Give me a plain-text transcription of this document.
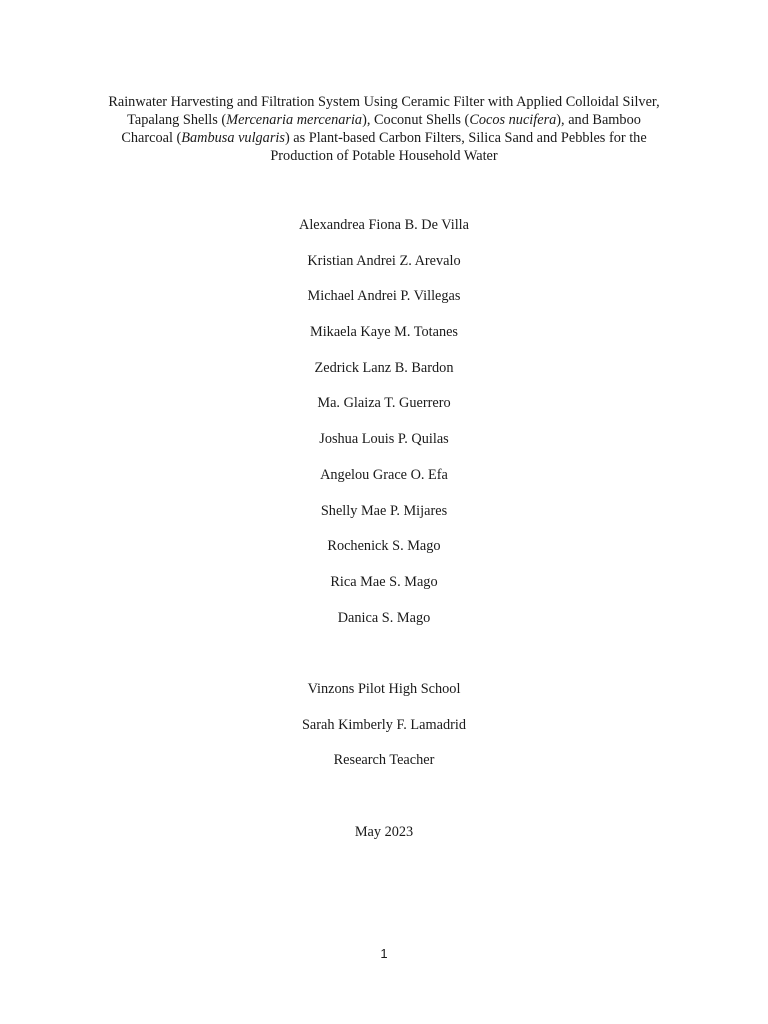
Rainwater Harvesting and Filtration System Using Ceramic Filter with Applied Colloidal Silver,
Tapalang Shells (Mercenaria mercenaria), Coconut Shells (Cocos nucifera), and Bamboo
Charcoal (Bambusa vulgaris) as Plant-based Carbon Filters, Silica Sand and Pebbles for the
Production of Potable Household Water
Alexandrea Fiona B. De Villa
Kristian Andrei Z. Arevalo
Michael Andrei P. Villegas
Mikaela Kaye M. Totanes
Zedrick Lanz B. Bardon
Ma. Glaiza T. Guerrero
Joshua Louis P. Quilas
Angelou Grace O. Efa
Shelly Mae P. Mijares
Rochenick S. Mago
Rica Mae S. Mago
Danica S. Mago
Vinzons Pilot High School
Sarah Kimberly F. Lamadrid
Research Teacher
May 2023
1
